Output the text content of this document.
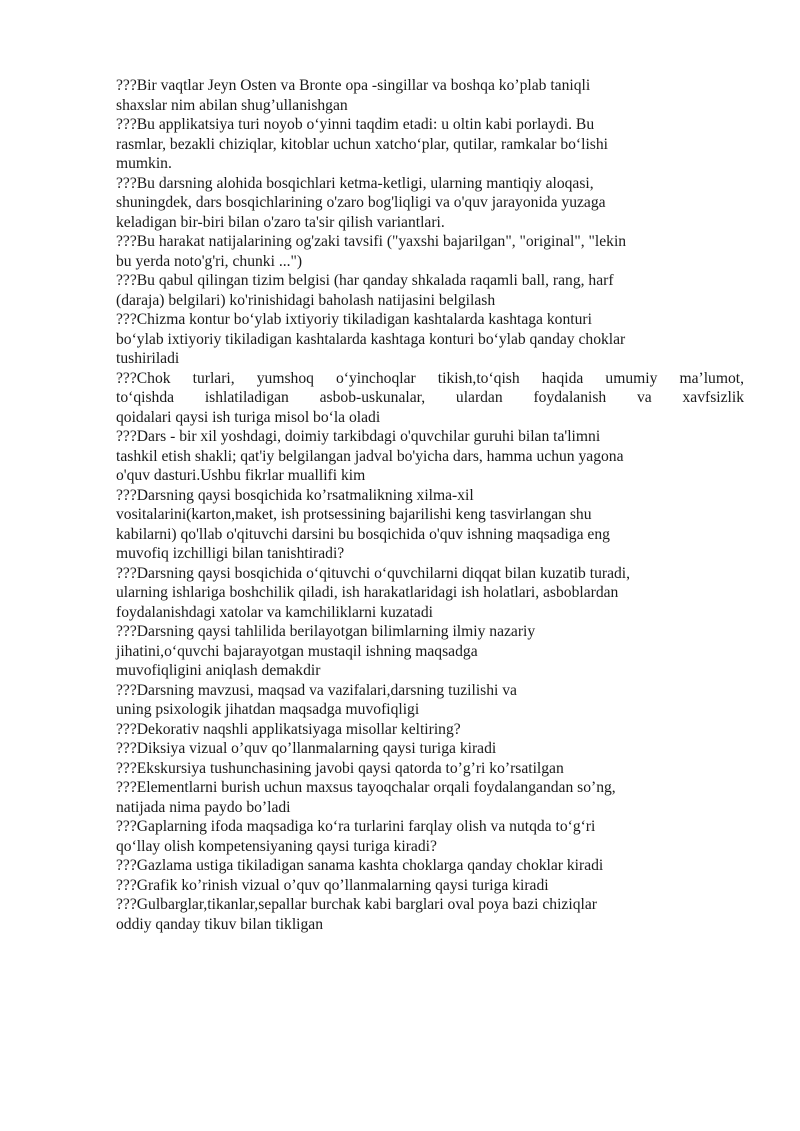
???Bir vaqtlar Jeyn Osten va Bronte opa -singillar va boshqa ko’plab taniqli
shaxslar nim abilan shug’ullanishgan
???Bu applikatsiya turi noyob o‘yinni taqdim etadi: u oltin kabi porlaydi. Bu
rasmlar, bezakli chiziqlar, kitoblar uchun xatcho‘plar, qutilar, ramkalar bo‘lishi
mumkin.
???Bu darsning alohida bosqichlari ketma-ketligi, ularning mantiqiy aloqasi,
shuningdek, dars bosqichlarining o'zaro bog'liqligi va o'quv jarayonida yuzaga
keladigan bir-biri bilan o'zaro ta'sir qilish variantlari.
???Bu harakat natijalarining og'zaki tavsifi ("yaxshi bajarilgan", "original", "lekin
bu yerda noto'g'ri, chunki ...")
???Bu qabul qilingan tizim belgisi (har qanday shkalada raqamli ball, rang, harf
(daraja) belgilari) ko'rinishidagi baholash natijasini belgilash
???Chizma kontur bo‘ylab ixtiyoriy tikiladigan kashtalarda kashtaga konturi
bo‘ylab ixtiyoriy tikiladigan kashtalarda kashtaga konturi bo‘ylab qanday choklar
tushiriladi
???Chok turlari, yumshoq o‘yinchoqlar tikish,to‘qish haqida umumiy ma’lumot,
to‘qishda ishlatiladigan asbob-uskunalar, ulardan foydalanish va xavfsizlik
qoidalari qaysi ish turiga misol bo‘la oladi
???Dars - bir xil yoshdagi, doimiy tarkibdagi o'quvchilar guruhi bilan ta'limni
tashkil etish shakli; qat'iy belgilangan jadval bo'yicha dars, hamma uchun yagona
o'quv dasturi.Ushbu fikrlar muallifi kim
???Darsning qaysi bosqichida ko’rsatmalikning xilma-xil
vositalarini(karton,maket, ish protsessining bajarilishi keng tasvirlangan shu
kabilarni) qo'llab o'qituvchi darsini bu bosqichida o'quv ishning maqsadiga eng
muvofiq izchilligi bilan tanishtiradi?
???Darsning qaysi bosqichida o‘qituvchi o‘quvchilarni diqqat bilan kuzatib turadi,
ularning ishlariga boshchilik qiladi, ish harakatlaridagi ish holatlari, asboblardan
foydalanishdagi xatolar va kamchiliklarni kuzatadi
???Darsning qaysi tahlilida berilayotgan bilimlarning ilmiy nazariy
jihatini,o‘quvchi bajarayotgan mustaqil ishning maqsadga
muvofiqligini aniqlash demakdir
???Darsning mavzusi, maqsad va vazifalari,darsning tuzilishi va
uning psixologik jihatdan maqsadga muvofiqligi
???Dekorativ naqshli applikatsiyaga misollar keltiring?
???Diksiya vizual o’quv qo’llanmalarning qaysi turiga kiradi
???Ekskursiya tushunchasining javobi qaysi qatorda to’g’ri ko’rsatilgan
???Elementlarni burish uchun maxsus tayoqchalar orqali foydalangandan so’ng,
natijada nima paydo bo’ladi
???Gaplarning ifoda maqsadiga ko‘ra turlarini farqlay olish va nutqda to‘g‘ri
qo‘llay olish kompetensiyaning qaysi turiga kiradi?
???Gazlama ustiga tikiladigan sanama kashta choklarga qanday choklar kiradi
???Grafik ko’rinish vizual o’quv qo’llanmalarning qaysi turiga kiradi
???Gulbarglar,tikanlar,sepallar burchak kabi barglari oval poya bazi chiziqlar
oddiy qanday tikuv bilan tikligan
